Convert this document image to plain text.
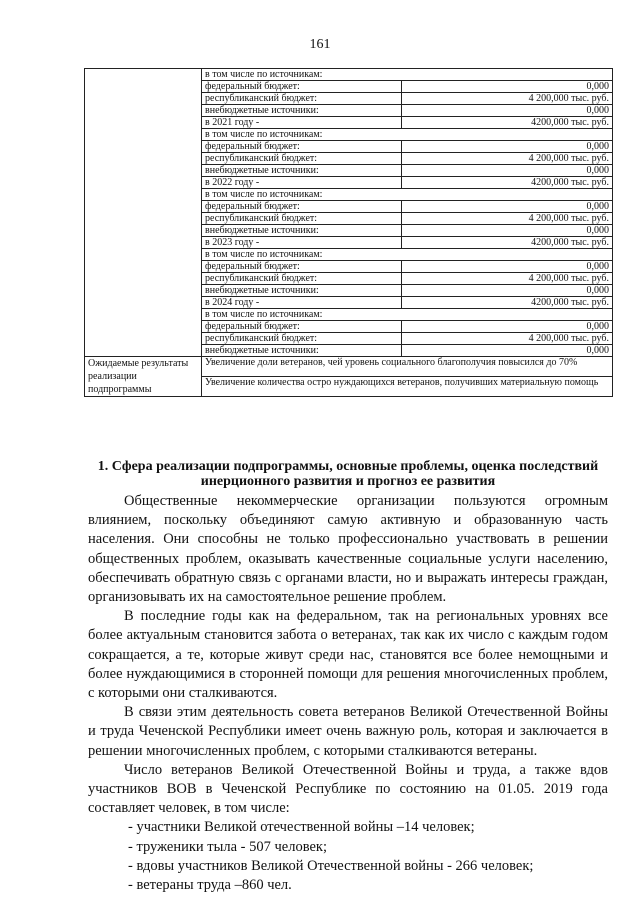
161
	в том числе по источникам:	
	федеральный бюджет:	0,000
	республиканский бюджет:	4 200,000 тыс. руб.
	внебюджетные источники:	0,000
	в 2021 году -	4200,000 тыс. руб.
	в том числе по источникам:	
	федеральный бюджет:	0,000
	республиканский бюджет:	4 200,000 тыс. руб.
	внебюджетные источники:	0,000
	в 2022 году -	4200,000 тыс. руб.
	в том числе по источникам:	
	федеральный бюджет:	0,000
	республиканский бюджет:	4 200,000 тыс. руб.
	внебюджетные источники:	0,000
	в 2023 году -	4200,000 тыс. руб.
	в том числе по источникам:	
	федеральный бюджет:	0,000
	республиканский бюджет:	4 200,000 тыс. руб.
	внебюджетные источники:	0,000
	в 2024 году -	4200,000 тыс. руб.
	в том числе по источникам:	
	федеральный бюджет:	0,000
	республиканский бюджет:	4 200,000 тыс. руб.
	внебюджетные источники:	0,000
Ожидаемые результаты реализации подпрограммы	Увеличение доли ветеранов, чей уровень социального благополучия повысился до 70%	
	Увеличение количества остро нуждающихся ветеранов, получивших материальную помощь	
1. Сфера реализации подпрограммы, основные проблемы, оценка последствий инерционного развития и прогноз ее развития

Общественные некоммерческие организации пользуются огромным влиянием, поскольку объединяют самую активную и образованную часть населения. Они способны не только профессионально участвовать в решении общественных проблем, оказывать качественные социальные услуги населению, обеспечивать обратную связь с органами власти, но и выражать интересы граждан, организовывать их на самостоятельное решение проблем.

В последние годы как на федеральном, так на региональных уровнях все более актуальным становится забота о ветеранах, так как их число с каждым годом сокращается, а те, которые живут среди нас, становятся все более немощными и более нуждающимися в сторонней помощи для решения многочисленных проблем, с которыми они сталкиваются.

В связи этим деятельность совета ветеранов Великой Отечественной Войны и труда Чеченской Республики имеет очень важную роль, которая и заключается в решении многочисленных проблем, с которыми сталкиваются ветераны.

Число ветеранов Великой Отечественной Войны и труда, а также вдов участников ВОВ в Чеченской Республике по состоянию на 01.05. 2019 года составляет человек, в том числе:

- участники Великой отечественной войны –14 человек;

- труженики тыла - 507 человек;

- вдовы участников Великой Отечественной войны - 266 человек;

- ветераны труда –860 чел.
